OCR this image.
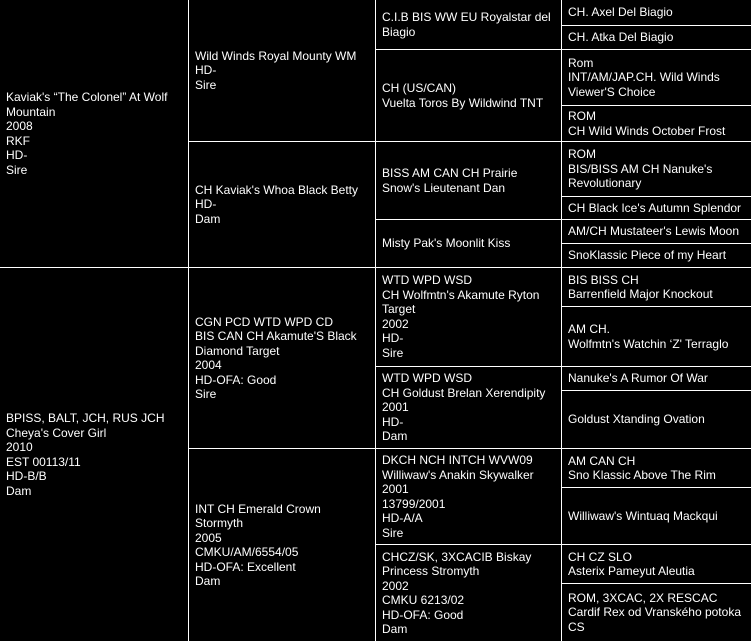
Kaviak's “The Colonel” At Wolf Mountain
2008
RKF
HD-
Sire
BPISS, BALT, JCH, RUS JCH
Cheya's Cover Girl
2010
EST 00113/11
HD-B/B
Dam
Wild Winds Royal Mounty WM
HD-
Sire
CH Kaviak's Whoa Black Betty
HD-
Dam
CGN PCD WTD WPD CD
BIS CAN CH Akamute'S Black Diamond Target
2004
HD-OFA: Good
Sire
INT CH Emerald Crown Stormyth
2005
CMKU/AM/6554/05
HD-OFA: Excellent
Dam
C.I.B BIS WW EU Royalstar del Biagio
CH (US/CAN)
Vuelta Toros By Wildwind TNT
BISS AM CAN CH Prairie Snow's Lieutenant Dan
Misty Pak's Moonlit Kiss
WTD WPD WSD
CH Wolfmtn's Akamute Ryton Target
2002
HD-
Sire
WTD WPD WSD
CH Goldust Brelan Xerendipity
2001
HD-
Dam
DKCH NCH INTCH WVW09
Williwaw's Anakin Skywalker
2001
13799/2001
HD-A/A
Sire
CHCZ/SK, 3XCACIB Biskay Princess Stromyth
2002
CMKU 6213/02
HD-OFA: Good
Dam
CH. Axel Del Biagio
CH. Atka Del Biagio
Rom
INT/AM/JAP.CH. Wild Winds Viewer'S Choice
ROM
CH Wild Winds October Frost
ROM
BIS/BISS AM CH Nanuke's Revolutionary
CH Black Ice's Autumn Splendor
AM/CH Mustateer's Lewis Moon
SnoKlassic Piece of my Heart
BIS BISS CH
Barrenfield Major Knockout
AM CH.
Wolfmtn's Watchin ‘Z' Terraglo
Nanuke's A Rumor Of War
Goldust Xtanding Ovation
AM CAN CH
Sno Klassic Above The Rim
Williwaw's Wintuaq Mackqui
CH CZ SLO
Asterix Pameyut Aleutia
ROM, 3XCAC, 2X RESCAC
Cardif Rex od Vranského potoka CS
